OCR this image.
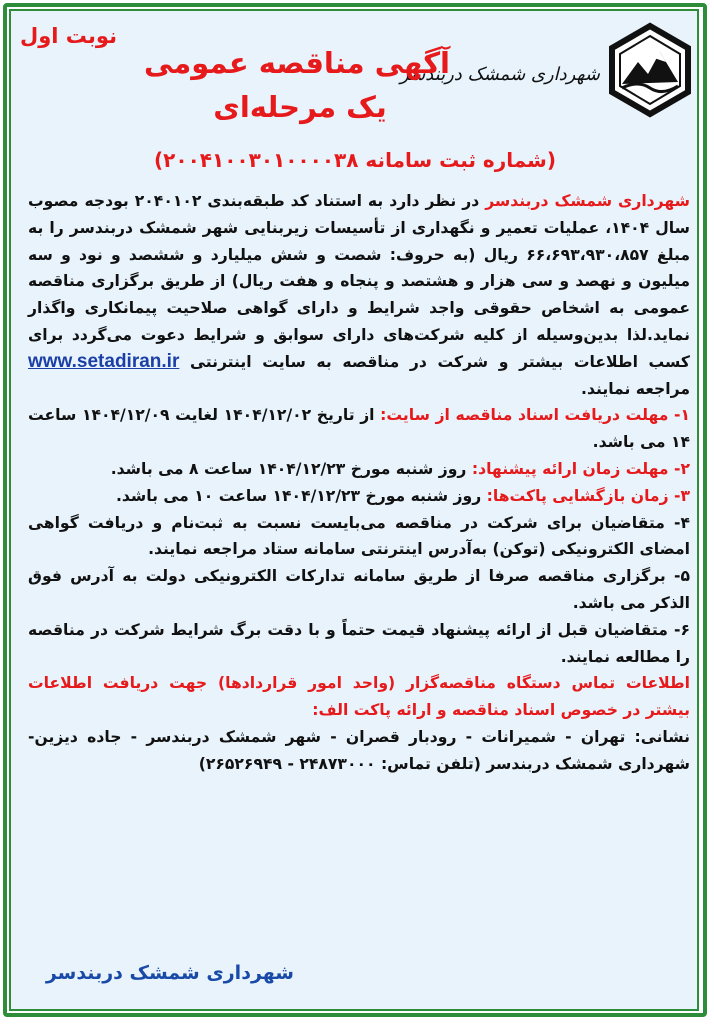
نوبت اول
شهرداری شمشک دربندسر
آگهی مناقصه عمومی
یک مرحله‌ای
(شماره ثبت سامانه ۲۰۰۴۱۰۰۳۰۱۰۰۰۰۳۸)

شهرداری شمشک دربندسر در نظر دارد به استناد کد طبقه‌بندی ۲۰۴۰۱۰۲ بودجه مصوب سال ۱۴۰۴، عملیات تعمیر و نگهداری از تأسیسات زیربنایی شهر شمشک دربندسر را به مبلغ ۶۶،۶۹۳،۹۳۰،۸۵۷ ریال (به حروف: شصت و شش میلیارد و ششصد و نود و سه میلیون و نهصد و سی هزار و هشتصد و پنجاه و هفت ریال) از طریق برگزاری مناقصه عمومی به اشخاص حقوقی واجد شرایط و دارای گواهی صلاحیت پیمانکاری واگذار نماید.لذا بدین‌وسیله از کلیه شرکت‌های دارای سوابق و شرایط دعوت می‌گردد برای کسب اطلاعات بیشتر و شرکت در مناقصه به سایت اینترنتی www.setadiran.ir مراجعه نمایند.

۱- مهلت دریافت اسناد مناقصه از سایت: از تاریخ ۱۴۰۴/۱۲/۰۲ لغایت ۱۴۰۴/۱۲/۰۹ ساعت ۱۴ می باشد.

۲- مهلت زمان ارائه پیشنهاد: روز شنبه مورخ ۱۴۰۴/۱۲/۲۳ ساعت ۸ می باشد.

۳- زمان بازگشایی پاکت‌ها: روز شنبه مورخ ۱۴۰۴/۱۲/۲۳ ساعت ۱۰ می باشد.

۴- متقاضیان برای شرکت در مناقصه می‌بایست نسبت به ثبت‌نام و دریافت گواهی امضای الکترونیکی (توکن) به‌آدرس اینترنتی سامانه ستاد مراجعه نمایند.

۵- برگزاری مناقصه صرفا از طریق سامانه تدارکات الکترونیکی دولت به آدرس فوق الذکر می باشد.

۶- متقاضیان قبل از ارائه پیشنهاد قیمت حتماً و با دقت برگ شرایط شرکت در مناقصه را مطالعه نمایند.

اطلاعات تماس دستگاه مناقصه‌گزار (واحد امور قراردادها) جهت دریافت اطلاعات بیشتر در خصوص اسناد مناقصه و ارائه پاکت الف:

نشانی: تهران - شمیرانات - رودبار قصران - شهر شمشک دربندسر - جاده دیزین- شهرداری شمشک دربندسر (تلفن تماس: ۲۴۸۷۳۰۰۰ - ۲۶۵۲۶۹۴۹)

شهرداری شمشک دربندسر
